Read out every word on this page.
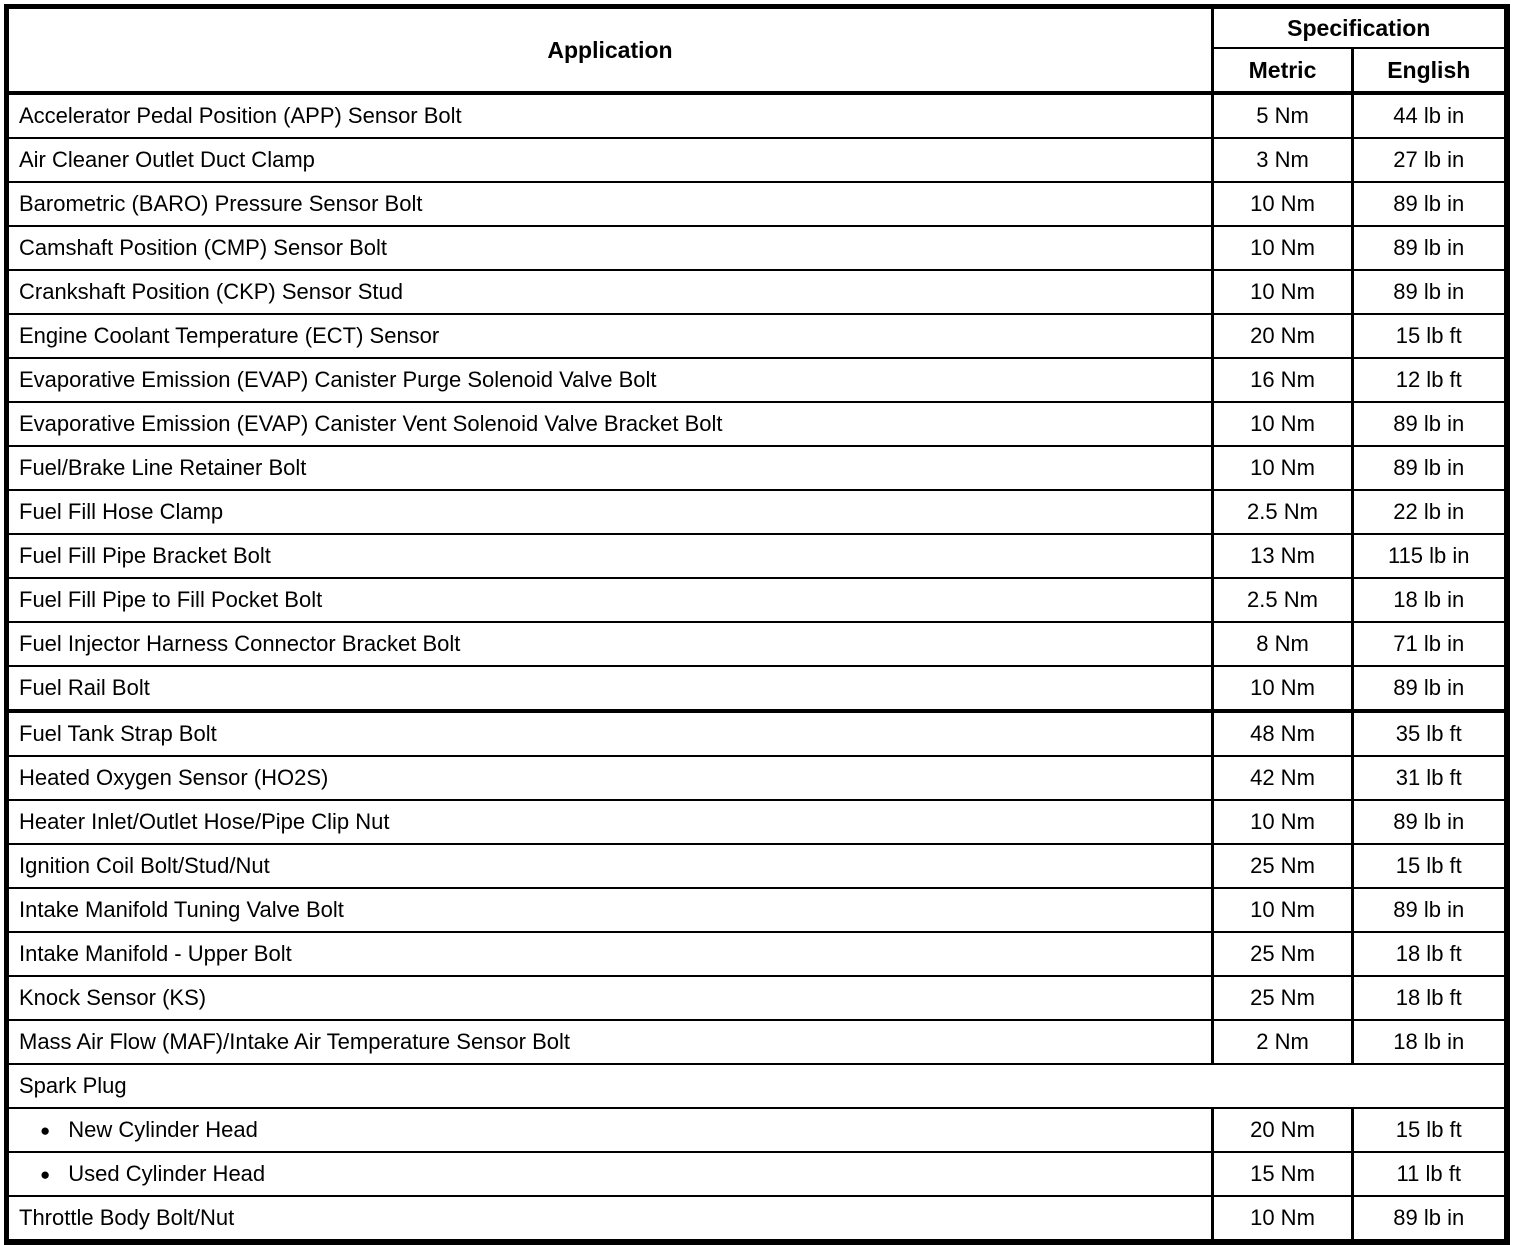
Application	Specification	
	Metric	English
Accelerator Pedal Position (APP) Sensor Bolt	5 Nm	44 lb in
Air Cleaner Outlet Duct Clamp	3 Nm	27 lb in
Barometric (BARO) Pressure Sensor Bolt	10 Nm	89 lb in
Camshaft Position (CMP) Sensor Bolt	10 Nm	89 lb in
Crankshaft Position (CKP) Sensor Stud	10 Nm	89 lb in
Engine Coolant Temperature (ECT) Sensor	20 Nm	15 lb ft
Evaporative Emission (EVAP) Canister Purge Solenoid Valve Bolt	16 Nm	12 lb ft
Evaporative Emission (EVAP) Canister Vent Solenoid Valve Bracket Bolt	10 Nm	89 lb in
Fuel/Brake Line Retainer Bolt	10 Nm	89 lb in
Fuel Fill Hose Clamp	2.5 Nm	22 lb in
Fuel Fill Pipe Bracket Bolt	13 Nm	115 lb in
Fuel Fill Pipe to Fill Pocket Bolt	2.5 Nm	18 lb in
Fuel Injector Harness Connector Bracket Bolt	8 Nm	71 lb in
Fuel Rail Bolt	10 Nm	89 lb in
Fuel Tank Strap Bolt	48 Nm	35 lb ft
Heated Oxygen Sensor (HO2S)	42 Nm	31 lb ft
Heater Inlet/Outlet Hose/Pipe Clip Nut	10 Nm	89 lb in
Ignition Coil Bolt/Stud/Nut	25 Nm	15 lb ft
Intake Manifold Tuning Valve Bolt	10 Nm	89 lb in
Intake Manifold - Upper Bolt	25 Nm	18 lb ft
Knock Sensor (KS)	25 Nm	18 lb ft
Mass Air Flow (MAF)/Intake Air Temperature Sensor Bolt	2 Nm	18 lb in
Spark Plug		
● New Cylinder Head	20 Nm	15 lb ft
● Used Cylinder Head	15 Nm	11 lb ft
Throttle Body Bolt/Nut	10 Nm	89 lb in
